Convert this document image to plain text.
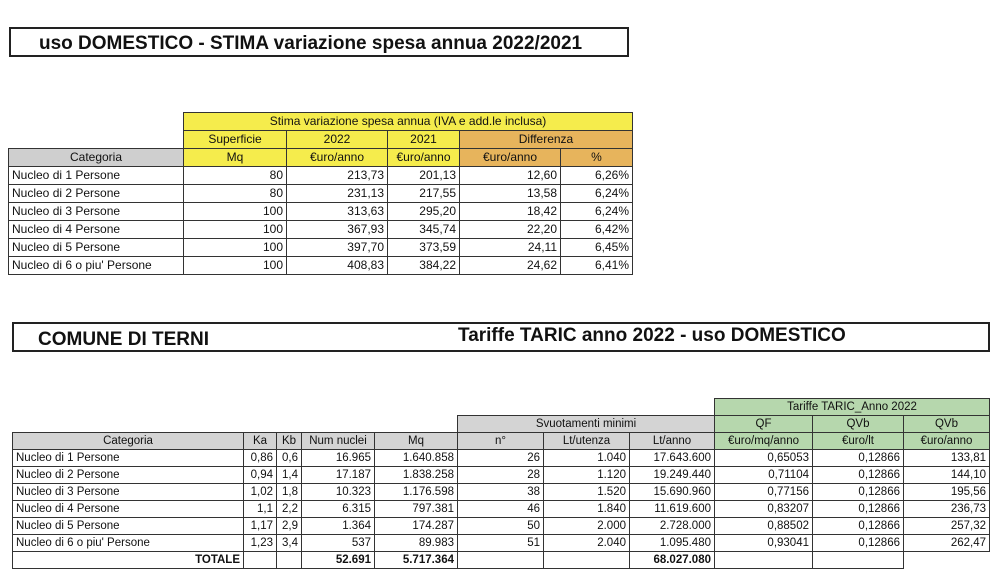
uso DOMESTICO - STIMA variazione spesa annua 2022/2021
	Stima variazione spesa annua (IVA e add.le inclusa)				
	Superficie	2022	2021	Differenza	
Categoria	Mq	€uro/anno	€uro/anno	€uro/anno	%
Nucleo di 1 Persone	80	213,73	201,13	12,60	6,26%
Nucleo di 2 Persone	80	231,13	217,55	13,58	6,24%
Nucleo di 3 Persone	100	313,63	295,20	18,42	6,24%
Nucleo di 4 Persone	100	367,93	345,74	22,20	6,42%
Nucleo di 5 Persone	100	397,70	373,59	24,11	6,45%
Nucleo di 6 o piu' Persone	100	408,83	384,22	24,62	6,41%
COMUNE DI TERNI	Tariffe TARIC anno 2022 - uso DOMESTICO
								Tariffe TARIC_Anno 2022		
					Svuotamenti minimi			QF	QVb	QVb
Categoria	Ka	Kb	Num nuclei	Mq	n°	Lt/utenza	Lt/anno	€uro/mq/anno	€uro/lt	€uro/anno
Nucleo di 1 Persone	0,86	0,6	16.965	1.640.858	26	1.040	17.643.600	0,65053	0,12866	133,81
Nucleo di 2 Persone	0,94	1,4	17.187	1.838.258	28	1.120	19.249.440	0,71104	0,12866	144,10
Nucleo di 3 Persone	1,02	1,8	10.323	1.176.598	38	1.520	15.690.960	0,77156	0,12866	195,56
Nucleo di 4 Persone	1,1	2,2	6.315	797.381	46	1.840	11.619.600	0,83207	0,12866	236,73
Nucleo di 5 Persone	1,17	2,9	1.364	174.287	50	2.000	2.728.000	0,88502	0,12866	257,32
Nucleo di 6 o piu' Persone	1,23	3,4	537	89.983	51	2.040	1.095.480	0,93041	0,12866	262,47
TOTALE			52.691	5.717.364			68.027.080			
